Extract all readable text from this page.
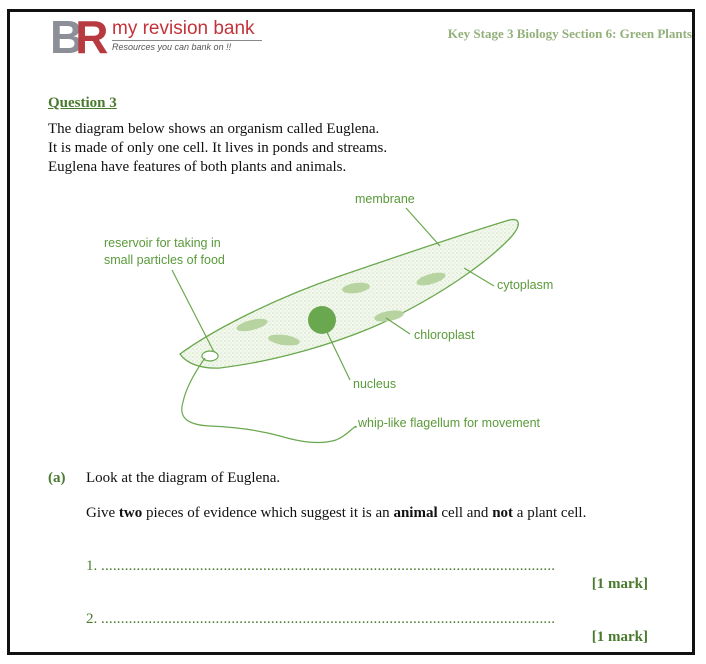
BR my revision bank
Resources you can bank on !!
Key Stage 3 Biology Section 6: Green Plants
Question 3
The diagram below shows an organism called Euglena.
It is made of only one cell. It lives in ponds and streams.
Euglena have features of both plants and animals.
membrane
reservoir for taking in
small particles of food
cytoplasm
chloroplast
nucleus
whip-like flagellum for movement
(a) Look at the diagram of Euglena.
Give two pieces of evidence which suggest it is an animal cell and not a plant cell.
1. ...................................................................................................................
[1 mark]
2. ...................................................................................................................
[1 mark]
